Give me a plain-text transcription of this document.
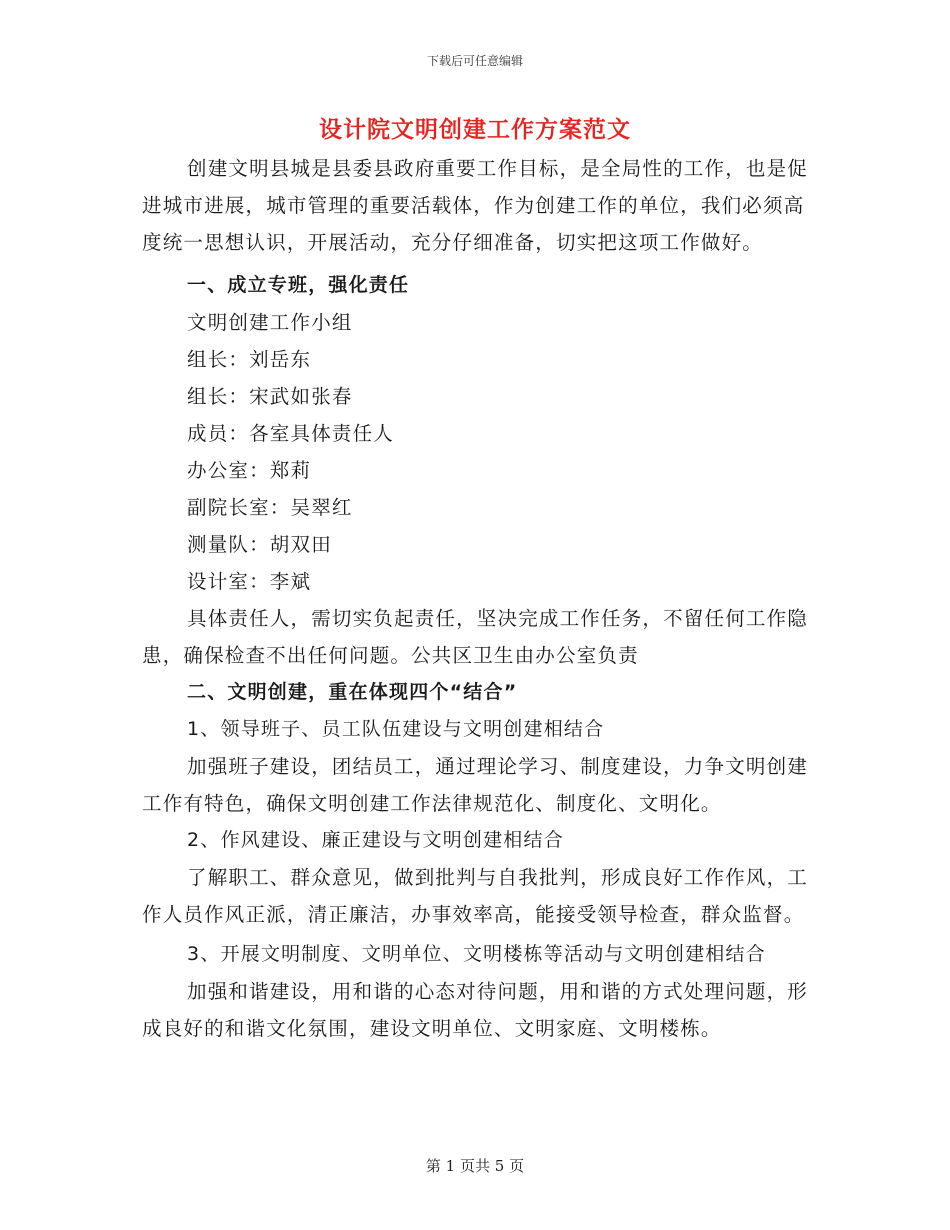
下载后可任意编辑
设计院文明创建工作方案范文

创建文明县城是县委县政府重要工作目标，是全局性的工作，也是促进城市进展，城市管理的重要活载体，作为创建工作的单位，我们必须高度统一思想认识，开展活动，充分仔细准备，切实把这项工作做好。

一、成立专班，强化责任

文明创建工作小组

组长：刘岳东

组长：宋武如张春

成员：各室具体责任人

办公室：郑莉

副院长室：吴翠红

测量队：胡双田

设计室：李斌

具体责任人，需切实负起责任，坚决完成工作任务，不留任何工作隐患，确保检查不出任何问题。公共区卫生由办公室负责

二、文明创建，重在体现四个“结合”

1、领导班子、员工队伍建设与文明创建相结合

加强班子建设，团结员工，通过理论学习、制度建设，力争文明创建工作有特色，确保文明创建工作法律规范化、制度化、文明化。

2、作风建设、廉正建设与文明创建相结合

了解职工、群众意见，做到批判与自我批判，形成良好工作作风，工作人员作风正派，清正廉洁，办事效率高，能接受领导检查，群众监督。

3、开展文明制度、文明单位、文明楼栋等活动与文明创建相结合

加强和谐建设，用和谐的心态对待问题，用和谐的方式处理问题，形成良好的和谐文化氛围，建设文明单位、文明家庭、文明楼栋。

第 1 页共 5 页
